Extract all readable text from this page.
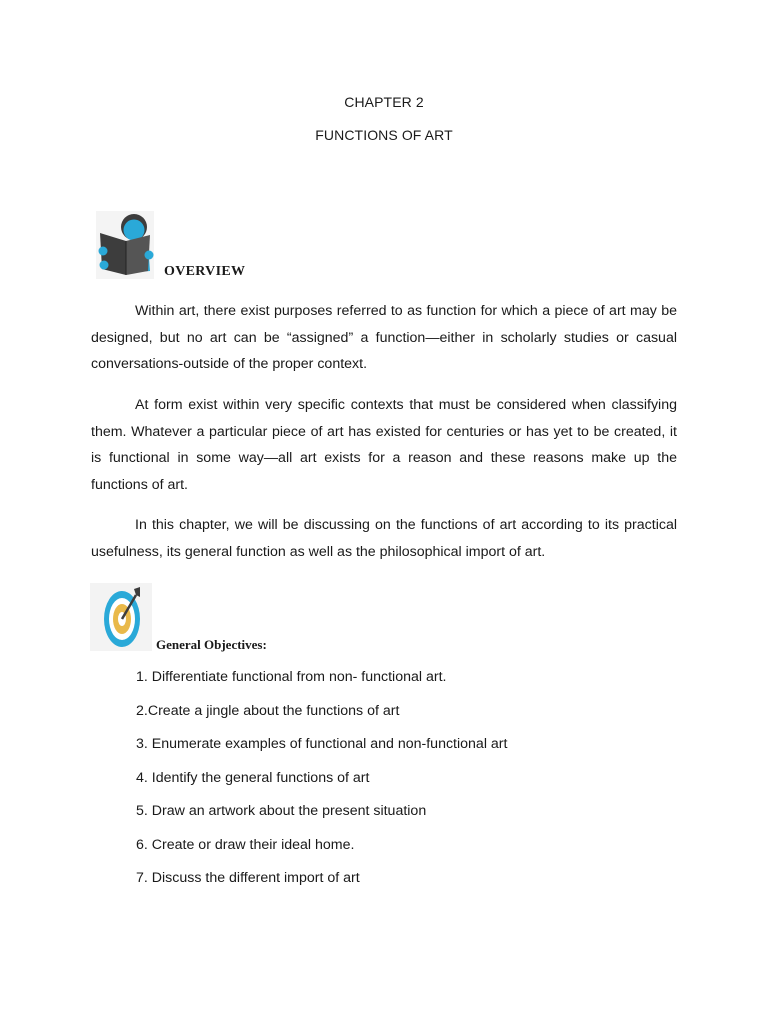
CHAPTER 2
FUNCTIONS OF ART
OVERVIEW

Within art, there exist purposes referred to as function for which a piece of art may be designed, but no art can be “assigned” a function—either in scholarly studies or casual conversations-outside of the proper context.

At form exist within very specific contexts that must be considered when classifying them. Whatever a particular piece of art has existed for centuries or has yet to be created, it is functional in some way—all art exists for a reason and these reasons make up the functions of art.

In this chapter, we will be discussing on the functions of art according to its practical usefulness, its general function as well as the philosophical import of art.

General Objectives:
1. Differentiate functional from non- functional art.
2.Create a jingle about the functions of art
3. Enumerate examples of functional and non-functional art
4. Identify the general functions of art
5. Draw an artwork about the present situation
6. Create or draw their ideal home.
7. Discuss the different import of art
